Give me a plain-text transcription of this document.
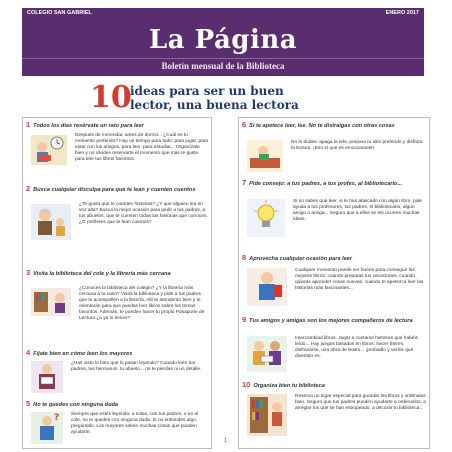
COLEGIO SAN GABRIEL	ENERO 2017
La Página
Boletín mensual de la Biblioteca
10
ideas para ser un buen
lector, una buena lectora
1 Todos los días resérvate un rato para leer
Después de merendar, antes de dormir... ¿Cuál es tu momento preferido? Hay un tiempo para todo: para jugar, para estar con los amigos, para leer, para estudiar... Organízate bien y no olvides reservarte el momento que más te guste para leer tus libros favoritos.
2 Busca cualquier disculpa para que te lean y cuenten cuentos
¿Te gusta que te cuenten historias? ¿Y que alguien lea en voz alta? Busca la mejor ocasión para pedir a tus padres, a tus abuelos, que te cuenten todas las historias que conocen. ¿O prefieres que te lean cuentos?
3 Visita la biblioteca del cole y la librería más cercana
¿Conoces la biblioteca del colegio? ¿Y la librería más cercana a tu casa? Visita la biblioteca y pide a tus padres que te acompañen a la librería. Allí te atenderán bien y te orientarán para que puedas leer libros sobre los temas favoritos. Además, te pueden hacer tu propio Pasaporte de Lectura ¿a ya lo tienes?
4 Fíjate bien en cómo leen los mayores
¿Has visto lo bien que lo pasan leyendo? Cuando leen tus padres, tus hermanos, tu abuelo... no te pierdas ni un detalle.
5 No te quedes con ninguna duda
? Siempre que estés leyendo, a solas, con tus padres, o en el cole, no te quedes con ninguna duda. Si no entiendes algo, pregúntalo. Los mayores saben muchas cosas que pueden ayudarte.
6 Si te apetece leer, lee. No te distraigas con otras cosas
No lo dudes: apaga la tele, prepara tu sitio preferido y disfruta la lectura. ¡Eso sí que es emocionante!
7 Pide consejo: a tus padres, a tus profes, al bibliotecario...
Si no sabes qué leer, si te has atascado con algún libro, pide ayuda a tus profesores, tus padres, el bibliotecario, algún amigo o amiga... Seguro que a ellos se les ocurren muchas ideas.
8 Aprovecha cualquier ocasión para leer
Cualquier momento puede ser bueno para conseguir los mejores libros: cuando preparas tus vacaciones, cuando quieras aprender cosas nuevas, cuando te apetezca leer las historias más fascinantes...
9 Tus amigos y amigas son los mejores compañeros de lectura
Intercambiad libros. Jugar a contarse historias que habéis leído... Hay juegos basados en libros: hacer títeres, disfrazarse, una obra de teatro... ¡probadlo y veréis qué divertido es.
10 Organiza bien tu biblioteca
Reserva un lugar especial para guardar los libros y ordénalos bien. Seguro que tus padres pueden ayudarte a ordenarlos, a arreglar los que se han estropeado, a decorar tu biblioteca...
1
